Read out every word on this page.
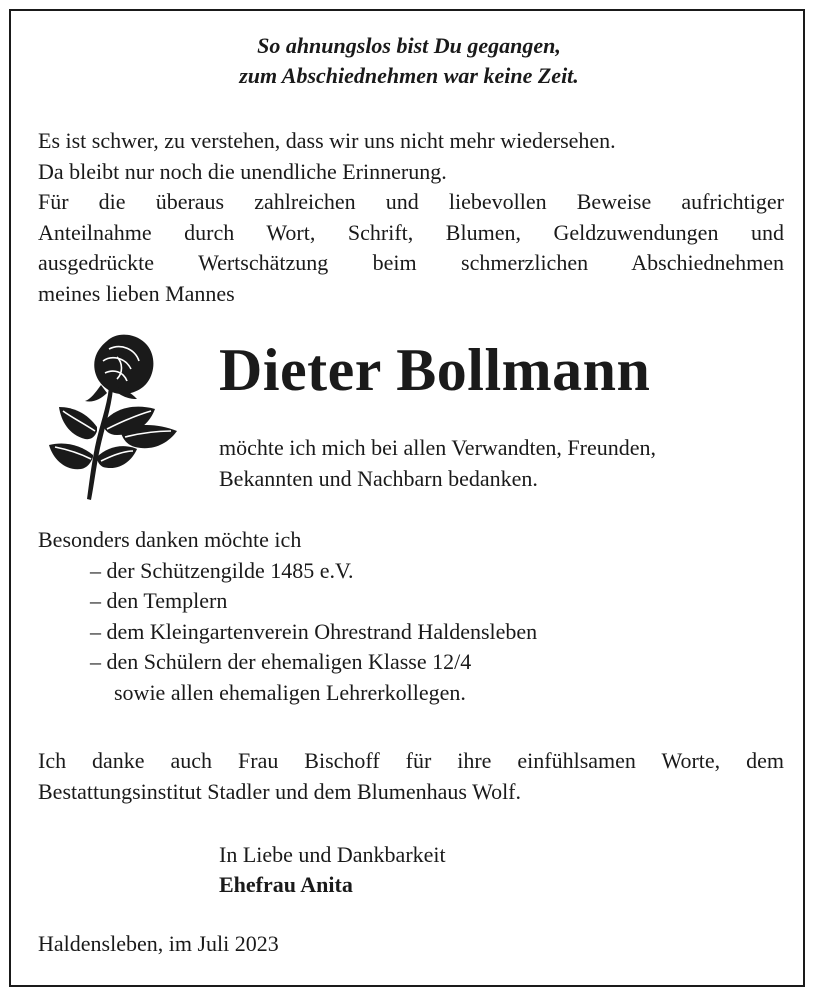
So ahnungslos bist Du gegangen,
zum Abschiednehmen war keine Zeit.
Es ist schwer, zu verstehen, dass wir uns nicht mehr wiedersehen.
Da bleibt nur noch die unendliche Erinnerung.
Für die überaus zahlreichen und liebevollen Beweise aufrichtiger
Anteilnahme durch Wort, Schrift, Blumen, Geldzuwendungen und
ausgedrückte Wertschätzung beim schmerzlichen Abschiednehmen
meines lieben Mannes
Dieter Bollmann
möchte ich mich bei allen Verwandten, Freunden,
Bekannten und Nachbarn bedanken.
Besonders danken möchte ich
– der Schützengilde 1485 e.V.
– den Templern
– dem Kleingartenverein Ohrestrand Haldensleben
– den Schülern der ehemaligen Klasse 12/4
sowie allen ehemaligen Lehrerkollegen.
Ich danke auch Frau Bischoff für ihre einfühlsamen Worte, dem
Bestattungsinstitut Stadler und dem Blumenhaus Wolf.
In Liebe und Dankbarkeit
Ehefrau Anita
Haldensleben, im Juli 2023
